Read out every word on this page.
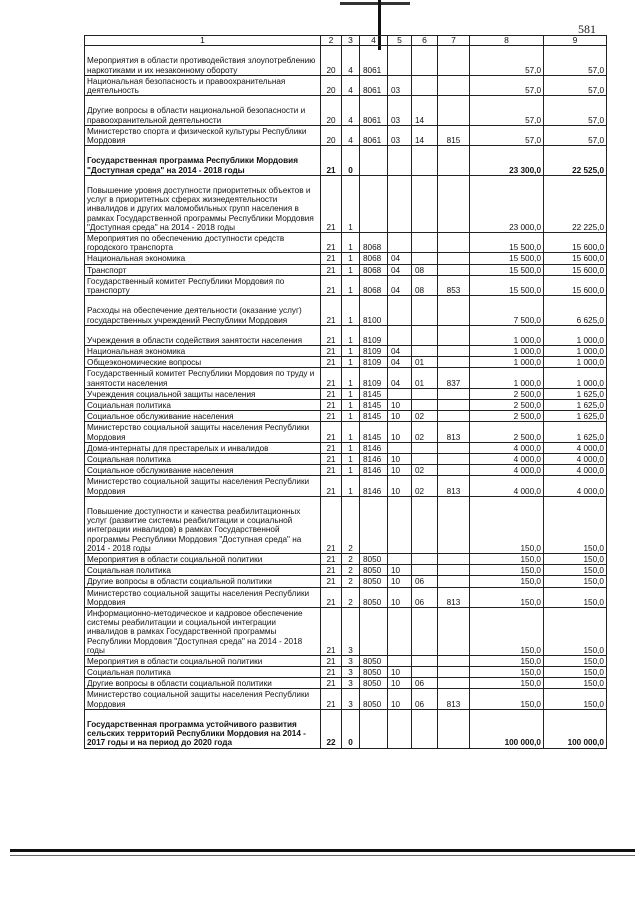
581
1	2	3	4	5	6	7	8	9
Мероприятия в области противодействия злоупотреблению наркотиками и их незаконному обороту	20	4	8061				57,0	57,0
Национальная безопасность и правоохранительная деятельность	20	4	8061	03			57,0	57,0
Другие вопросы в области национальной безопасности и правоохранительной деятельности	20	4	8061	03	14		57,0	57,0
Министерство спорта и физической культуры Республики Мордовия	20	4	8061	03	14	815	57,0	57,0
Государственная программа Республики Мордовия "Доступная среда" на 2014 - 2018 годы	21	0					23 300,0	22 525,0
Повышение уровня доступности приоритетных объектов и услуг в приоритетных сферах жизнедеятельности инвалидов и других маломобильных групп населения в рамках Государственной программы Республики Мордовия "Доступная среда" на 2014 - 2018 годы	21	1					23 000,0	22 225,0
Мероприятия по обеспечению доступности средств городского транспорта	21	1	8068				15 500,0	15 600,0
Национальная экономика	21	1	8068	04			15 500,0	15 600,0
Транспорт	21	1	8068	04	08		15 500,0	15 600,0
Государственный комитет Республики Мордовия по транспорту	21	1	8068	04	08	853	15 500,0	15 600,0
Расходы на обеспечение деятельности (оказание услуг) государственных учреждений Республики Мордовия	21	1	8100				7 500,0	6 625,0
Учреждения в области содействия занятости населения	21	1	8109				1 000,0	1 000,0
Национальная экономика	21	1	8109	04			1 000,0	1 000,0
Общеэкономические вопросы	21	1	8109	04	01		1 000,0	1 000,0
Государственный комитет Республики Мордовия по труду и занятости населения	21	1	8109	04	01	837	1 000,0	1 000,0
Учреждения социальной защиты населения	21	1	8145				2 500,0	1 625,0
Социальная политика	21	1	8145	10			2 500,0	1 625,0
Социальное обслуживание населения	21	1	8145	10	02		2 500,0	1 625,0
Министерство социальной защиты населения Республики Мордовия	21	1	8145	10	02	813	2 500,0	1 625,0
Дома-интернаты для престарелых и инвалидов	21	1	8146				4 000,0	4 000,0
Социальная политика	21	1	8146	10			4 000,0	4 000,0
Социальное обслуживание населения	21	1	8146	10	02		4 000,0	4 000,0
Министерство социальной защиты населения Республики Мордовия	21	1	8146	10	02	813	4 000,0	4 000,0
Повышение доступности и качества реабилитационных услуг (развитие системы реабилитации и социальной интеграции инвалидов) в рамках Государственной программы Республики Мордовия "Доступная среда" на 2014 - 2018 годы	21	2					150,0	150,0
Мероприятия в области социальной политики	21	2	8050				150,0	150,0
Социальная политика	21	2	8050	10			150,0	150,0
Другие вопросы в области социальной политики	21	2	8050	10	06		150,0	150,0
Министерство социальной защиты населения Республики Мордовия	21	2	8050	10	06	813	150,0	150,0
Информационно-методическое и кадровое обеспечение системы реабилитации и социальной интеграции инвалидов в рамках Государственной программы Республики Мордовия "Доступная среда" на 2014 - 2018 годы	21	3					150,0	150,0
Мероприятия в области социальной политики	21	3	8050				150,0	150,0
Социальная политика	21	3	8050	10			150,0	150,0
Другие вопросы в области социальной политики	21	3	8050	10	06		150,0	150,0
Министерство социальной защиты населения Республики Мордовия	21	3	8050	10	06	813	150,0	150,0
Государственная программа устойчивого развития сельских территорий Республики Мордовия на 2014 - 2017 годы и на период до 2020 года	22	0					100 000,0	100 000,0
